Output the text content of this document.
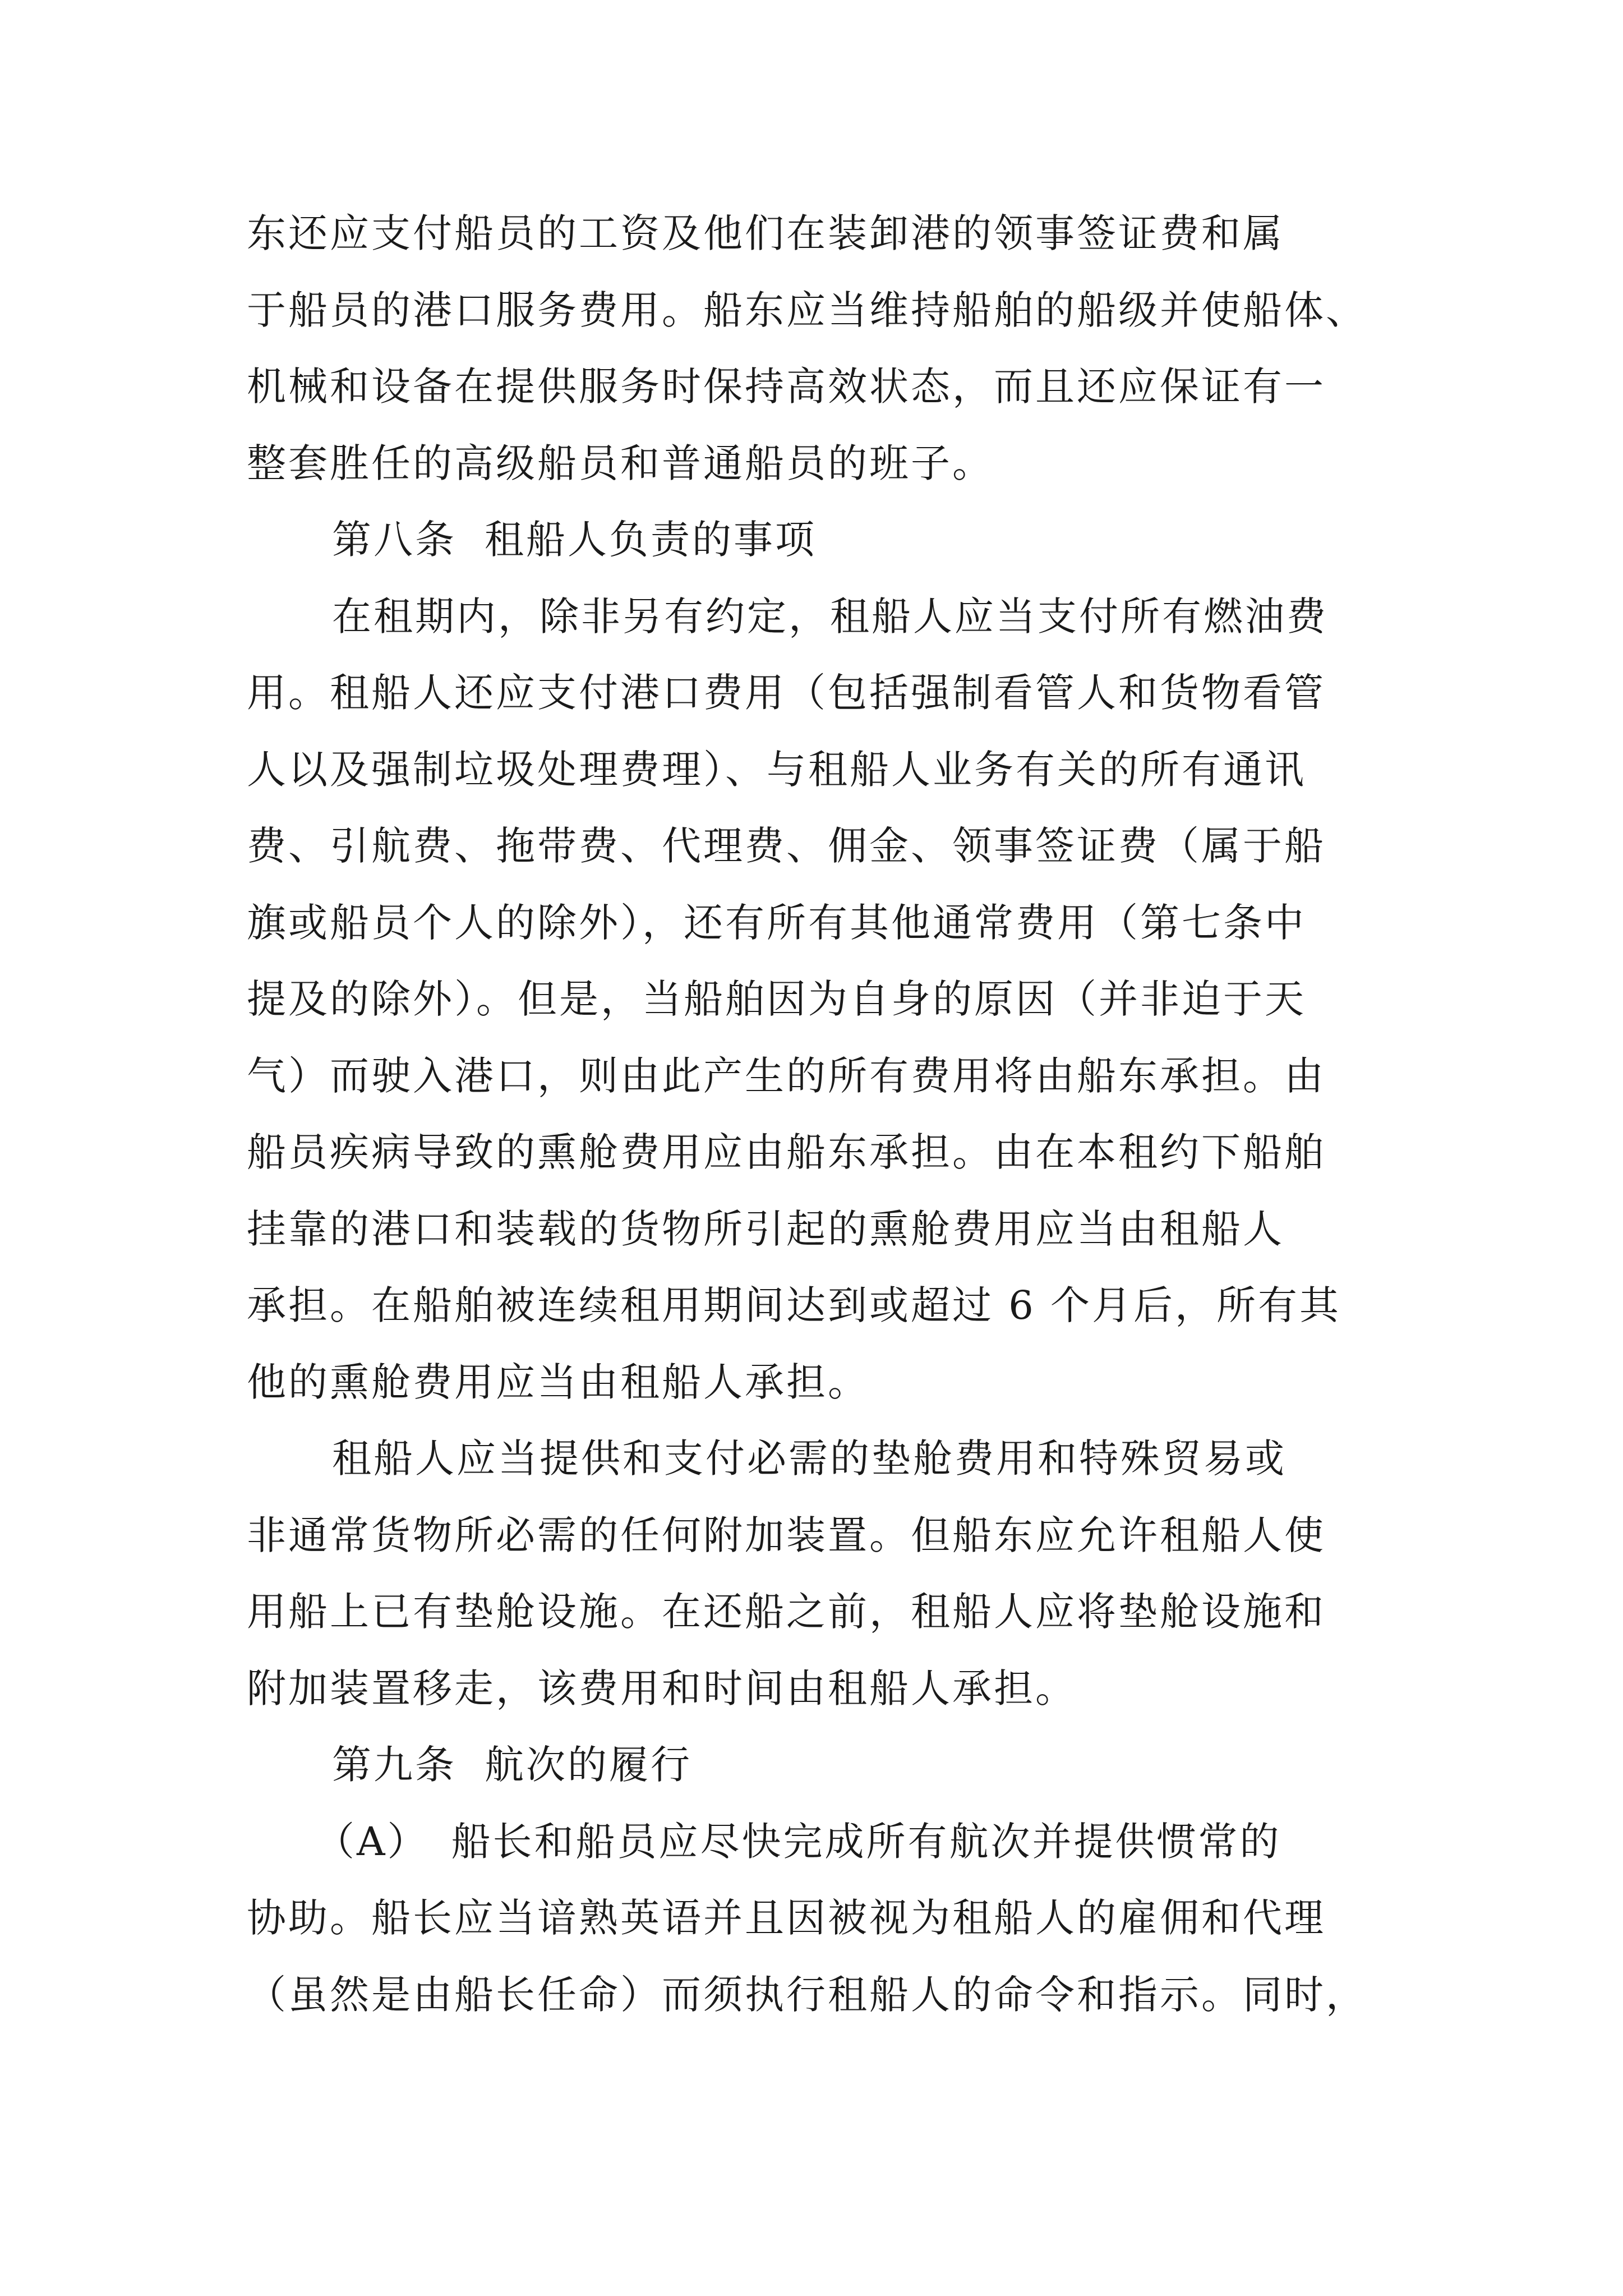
东还应支付船员的工资及他们在装卸港的领事签证费和属
于船员的港口服务费用。船东应当维持船舶的船级并使船体、
机械和设备在提供服务时保持高效状态，而且还应保证有一
整套胜任的高级船员和普通船员的班子。
第八条 租船人负责的事项
在租期内，除非另有约定，租船人应当支付所有燃油费
用。租船人还应支付港口费用（包括强制看管人和货物看管
人以及强制垃圾处理费理）、与租船人业务有关的所有通讯
费、引航费、拖带费、代理费、佣金、领事签证费（属于船
旗或船员个人的除外），还有所有其他通常费用（第七条中
提及的除外）。但是，当船舶因为自身的原因（并非迫于天
气）而驶入港口，则由此产生的所有费用将由船东承担。由
船员疾病导致的熏舱费用应由船东承担。由在本租约下船舶
挂靠的港口和装载的货物所引起的熏舱费用应当由租船人
承担。在船舶被连续租用期间达到或超过 6 个月后，所有其
他的熏舱费用应当由租船人承担。
租船人应当提供和支付必需的垫舱费用和特殊贸易或
非通常货物所必需的任何附加装置。但船东应允许租船人使
用船上已有垫舱设施。在还船之前，租船人应将垫舱设施和
附加装置移走，该费用和时间由租船人承担。
第九条 航次的履行
（A） 船长和船员应尽快完成所有航次并提供惯常的
协助。船长应当谙熟英语并且因被视为租船人的雇佣和代理
（虽然是由船长任命）而须执行租船人的命令和指示。同时，
